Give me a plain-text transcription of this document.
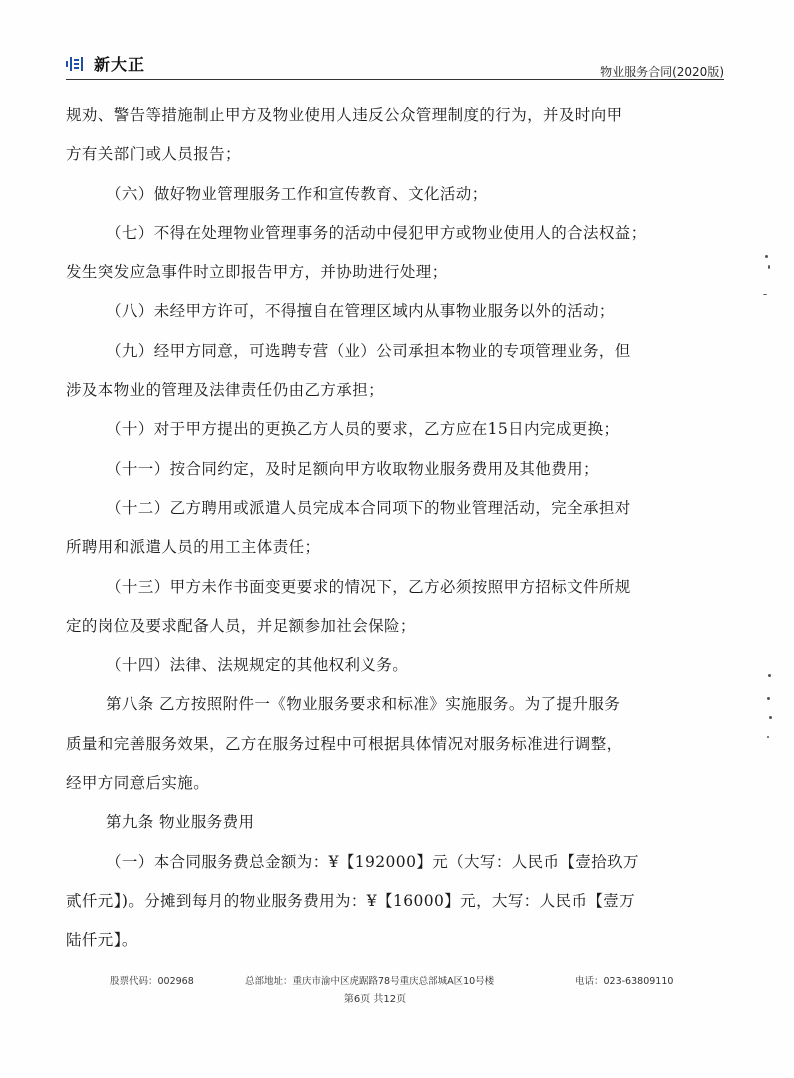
新大正	物业服务合同(2020版)
规劝、警告等措施制止甲方及物业使用人违反公众管理制度的行为，并及时向甲
方有关部门或人员报告；
（六）做好物业管理服务工作和宣传教育、文化活动；
（七）不得在处理物业管理事务的活动中侵犯甲方或物业使用人的合法权益；
发生突发应急事件时立即报告甲方，并协助进行处理；
（八）未经甲方许可，不得擅自在管理区域内从事物业服务以外的活动；
（九）经甲方同意，可选聘专营（业）公司承担本物业的专项管理业务，但
涉及本物业的管理及法律责任仍由乙方承担；
（十）对于甲方提出的更换乙方人员的要求，乙方应在15日内完成更换；
（十一）按合同约定，及时足额向甲方收取物业服务费用及其他费用；
（十二）乙方聘用或派遣人员完成本合同项下的物业管理活动，完全承担对
所聘用和派遣人员的用工主体责任；
（十三）甲方未作书面变更要求的情况下，乙方必须按照甲方招标文件所规
定的岗位及要求配备人员，并足额参加社会保险；
（十四）法律、法规规定的其他权利义务。
第八条 乙方按照附件一《物业服务要求和标准》实施服务。为了提升服务
质量和完善服务效果，乙方在服务过程中可根据具体情况对服务标准进行调整，
经甲方同意后实施。
第九条 物业服务费用
（一）本合同服务费总金额为：¥【192000】元（大写：人民币【壹拾玖万
贰仟元】)。分摊到每月的物业服务费用为：¥【16000】元，大写：人民币【壹万
陆仟元】。
股票代码：002968	总部地址：重庆市渝中区虎踞路78号重庆总部城A区10号楼	电话：023-63809110
第6页 共12页
